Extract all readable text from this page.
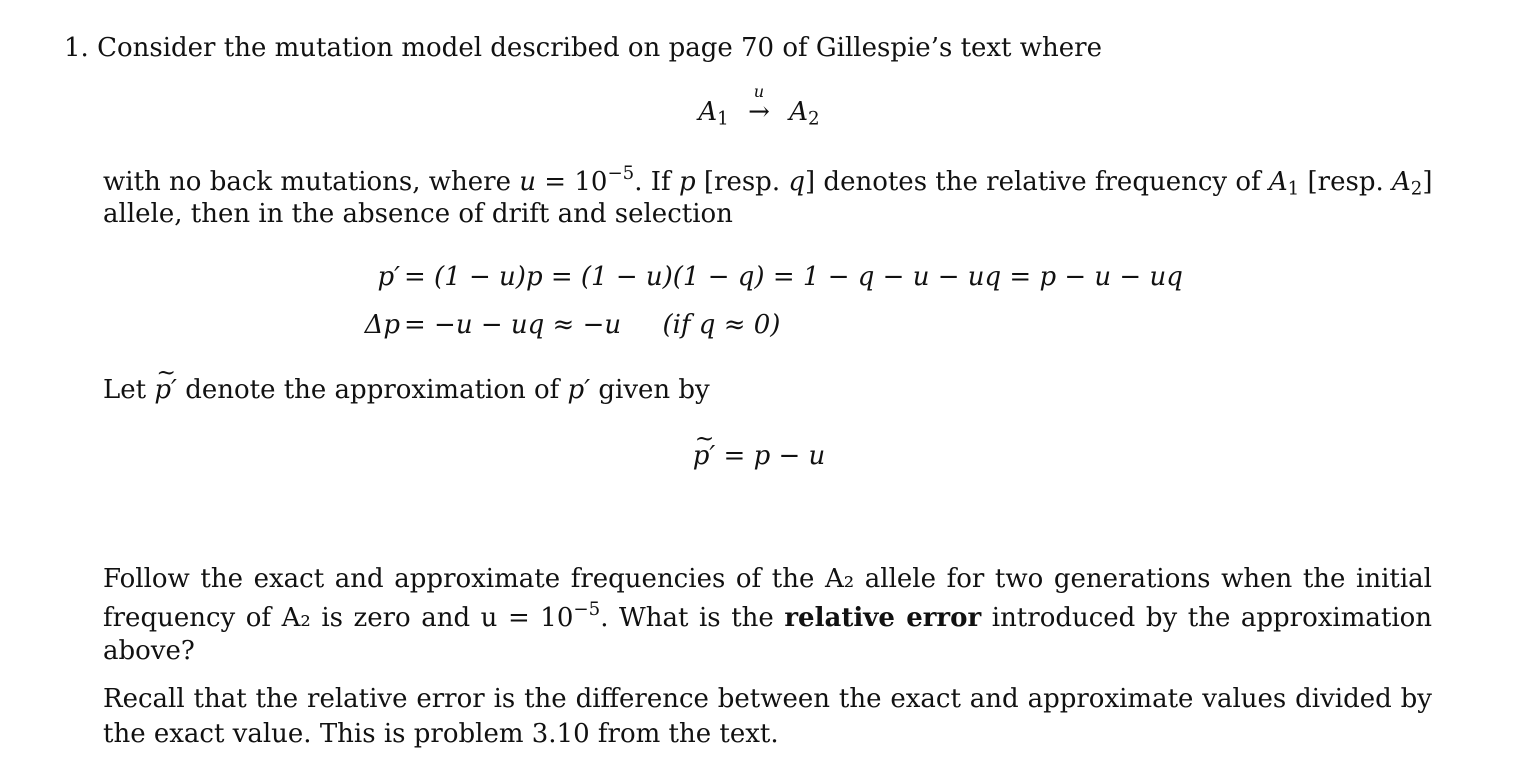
1. Consider the mutation model described on page 70 of Gillespie’s text where
$A_1$
u
→ $A_2$
with no back mutations, where $u = 10^{-5}$. If p [resp. q] denotes the relative frequency of $A_1$ [resp. $A_2$]
allele, then in the absence of drift and selection
p′ = (1 − u)p = (1 − u)(1 − q) = 1 − q − u − uq = p − u − uq
Δp = −u − uq ≈ −u     (if q ≈ 0)
Let ~ p′ denote the approximation of p′ given by
~ p′ = p − u
Follow the exact and approximate frequencies of the A₂ allele for two generations when the initial
frequency of A₂ is zero and $u = 10^{-5}$. What is the relative error introduced by the approximation
above?
Recall that the relative error is the difference between the exact and approximate values divided by
the exact value. This is problem 3.10 from the text.
